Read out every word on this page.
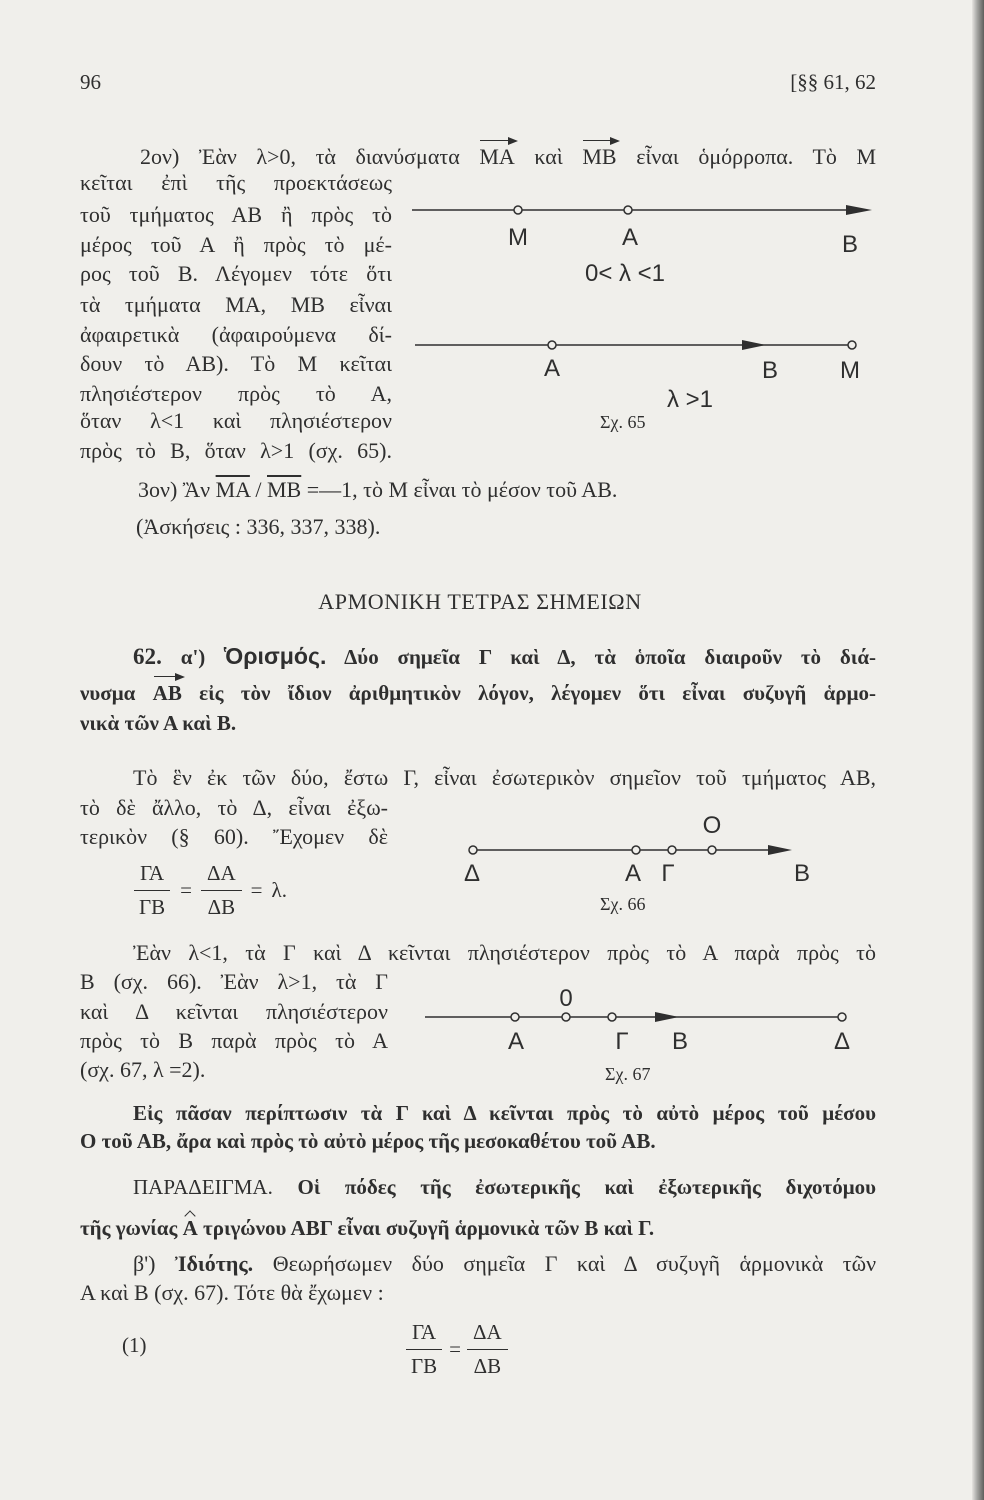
96	[§§ 61, 62
2ον) Ἐὰν λ>0, τὰ διανύσματα ΜΑ καὶ ΜΒ εἶναι ὁμόρροπα. Τὸ Μ
κεῖται ἐπὶ τῆς προεκτάσεως
τοῦ τμήματος ΑΒ ἢ πρὸς τὸ
μέρος τοῦ Α ἢ πρὸς τὸ μέ-
ρος τοῦ Β. Λέγομεν τότε ὅτι
τὰ τμήματα ΜΑ, ΜΒ εἶναι
ἀφαιρετικὰ (ἀφαιρούμενα δί-
δουν τὸ ΑΒ). Τὸ Μ κεῖται
πλησιέστερον πρὸς τὸ Α,
ὅταν λ<1 καὶ πλησιέστερον
πρὸς τὸ Β, ὅταν λ>1 (σχ. 65).
Μ	Α	Β
0< λ <1
Α	Β	Μ
λ >1
Σχ. 65
3ον) Ἂν $\overline{MA} / \overline{MB}$ =—1, τὸ Μ εἶναι τὸ μέσον τοῦ ΑΒ.
(Ἀσκήσεις : 336, 337, 338).
ΑΡΜΟΝΙΚΗ ΤΕΤΡΑΣ ΣΗΜΕΙΩΝ
62. α') Ὁρισμός. Δύο σημεῖα Γ καὶ Δ, τὰ ὁποῖα διαιροῦν τὸ διά-
νυσμα ΑΒ εἰς τὸν ἴδιον ἀριθμητικὸν λόγον, λέγομεν ὅτι εἶναι συζυγῆ ἁρμο-
νικὰ τῶν Α καὶ Β.
Τὸ ἓν ἐκ τῶν δύο, ἔστω Γ, εἶναι ἐσωτερικὸν σημεῖον τοῦ τμήματος ΑΒ,
τὸ δὲ ἄλλο, τὸ Δ, εἶναι ἐξω-
τερικὸν (§ 60). Ἔχομεν δὲ
$\frac{\Gamma A}{\Gamma B} = \frac{\Delta A}{\Delta B} = \lambda$.
Ο
Δ	Α Γ	Β
Σχ. 66
Ἐὰν λ<1, τὰ Γ καὶ Δ κεῖνται πλησιέστερον πρὸς τὸ Α παρὰ πρὸς τὸ
Β (σχ. 66). Ἐὰν λ>1, τὰ Γ
καὶ Δ κεῖνται πλησιέστερον
πρὸς τὸ Β παρὰ πρὸς τὸ Α
(σχ. 67, λ =2).
0
Α	Γ Β	Δ
Σχ. 67
Εἰς πᾶσαν περίπτωσιν τὰ Γ καὶ Δ κεῖνται πρὸς τὸ αὐτὸ μέρος τοῦ μέσου
Ο τοῦ ΑΒ, ἄρα καὶ πρὸς τὸ αὐτὸ μέρος τῆς μεσοκαθέτου τοῦ ΑΒ.
ΠΑΡΑΔΕΙΓΜΑ. Οἱ πόδες τῆς ἐσωτερικῆς καὶ ἐξωτερικῆς διχοτόμου
τῆς γωνίας Α τριγώνου ΑΒΓ εἶναι συζυγῆ ἁρμονικὰ τῶν Β καὶ Γ.
β') Ἰδιότης. Θεωρήσωμεν δύο σημεῖα Γ καὶ Δ συζυγῆ ἁρμονικὰ τῶν
Α καὶ Β (σχ. 67). Τότε θὰ ἔχωμεν :
(1)	$\frac{\Gamma A}{\Gamma B} = \frac{\Delta A}{\Delta B}$
